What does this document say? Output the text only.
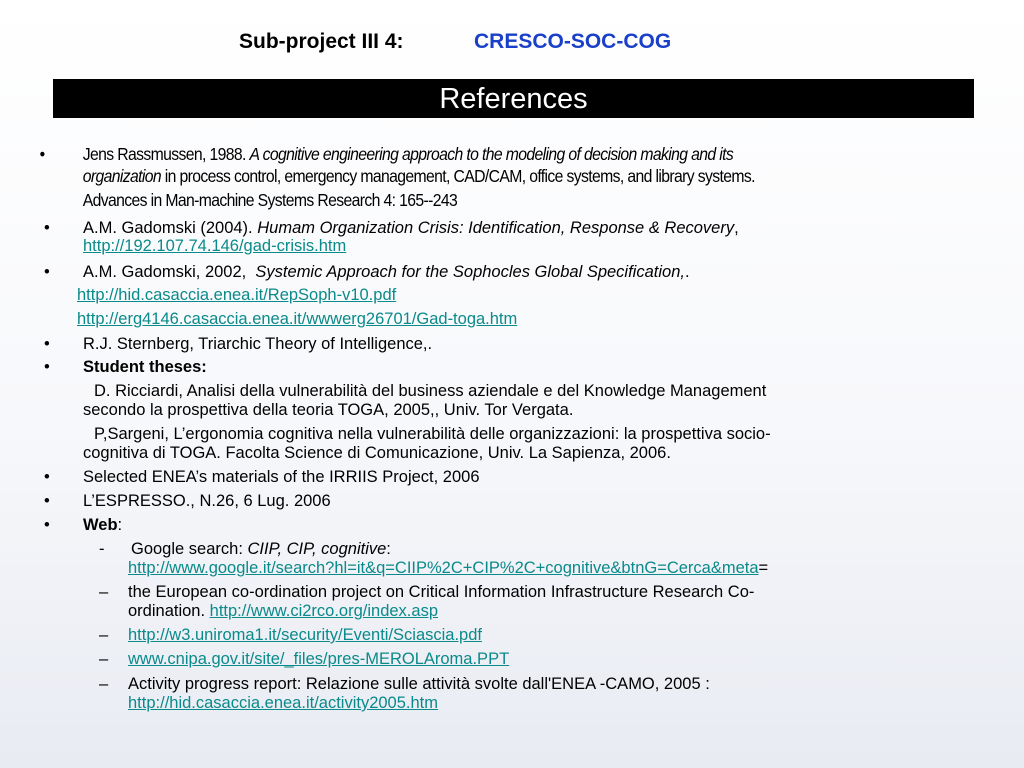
Sub-project III 4:	CRESCO-SOC-COG
References
• Jens Rassmussen, 1988. A cognitive engineering approach to the modeling of decision making and its
organization in process control, emergency management, CAD/CAM, office systems, and library systems.
Advances in Man-machine Systems Research 4: 165--243
• A.M. Gadomski (2004). Humam Organization Crisis: Identification, Response & Recovery,
http://192.107.74.146/gad-crisis.htm
• A.M. Gadomski, 2002, Systemic Approach for the Sophocles Global Specification,.
http://hid.casaccia.enea.it/RepSoph-v10.pdf
http://erg4146.casaccia.enea.it/wwwerg26701/Gad-toga.htm
• R.J. Sternberg, Triarchic Theory of Intelligence,.
• Student theses:
D. Ricciardi, Analisi della vulnerabilità del business aziendale e del Knowledge Management
secondo la prospettiva della teoria TOGA, 2005,, Univ. Tor Vergata.
P,Sargeni, L’ergonomia cognitiva nella vulnerabilità delle organizzazioni: la prospettiva socio-
cognitiva di TOGA. Facolta Science di Comunicazione, Univ. La Sapienza, 2006.
• Selected ENEA’s materials of the IRRIIS Project, 2006
• L’ESPRESSO., N.26, 6 Lug. 2006
• Web:
- Google search: CIIP, CIP, cognitive:
http://www.google.it/search?hl=it&q=CIIP%2C+CIP%2C+cognitive&btnG=Cerca&meta=
– the European co-ordination project on Critical Information Infrastructure Research Co-
ordination. http://www.ci2rco.org/index.asp
– http://w3.uniroma1.it/security/Eventi/Sciascia.pdf
– www.cnipa.gov.it/site/_files/pres-MEROLAroma.PPT
– Activity progress report: Relazione sulle attività svolte dall'ENEA -CAMO, 2005 :
http://hid.casaccia.enea.it/activity2005.htm
